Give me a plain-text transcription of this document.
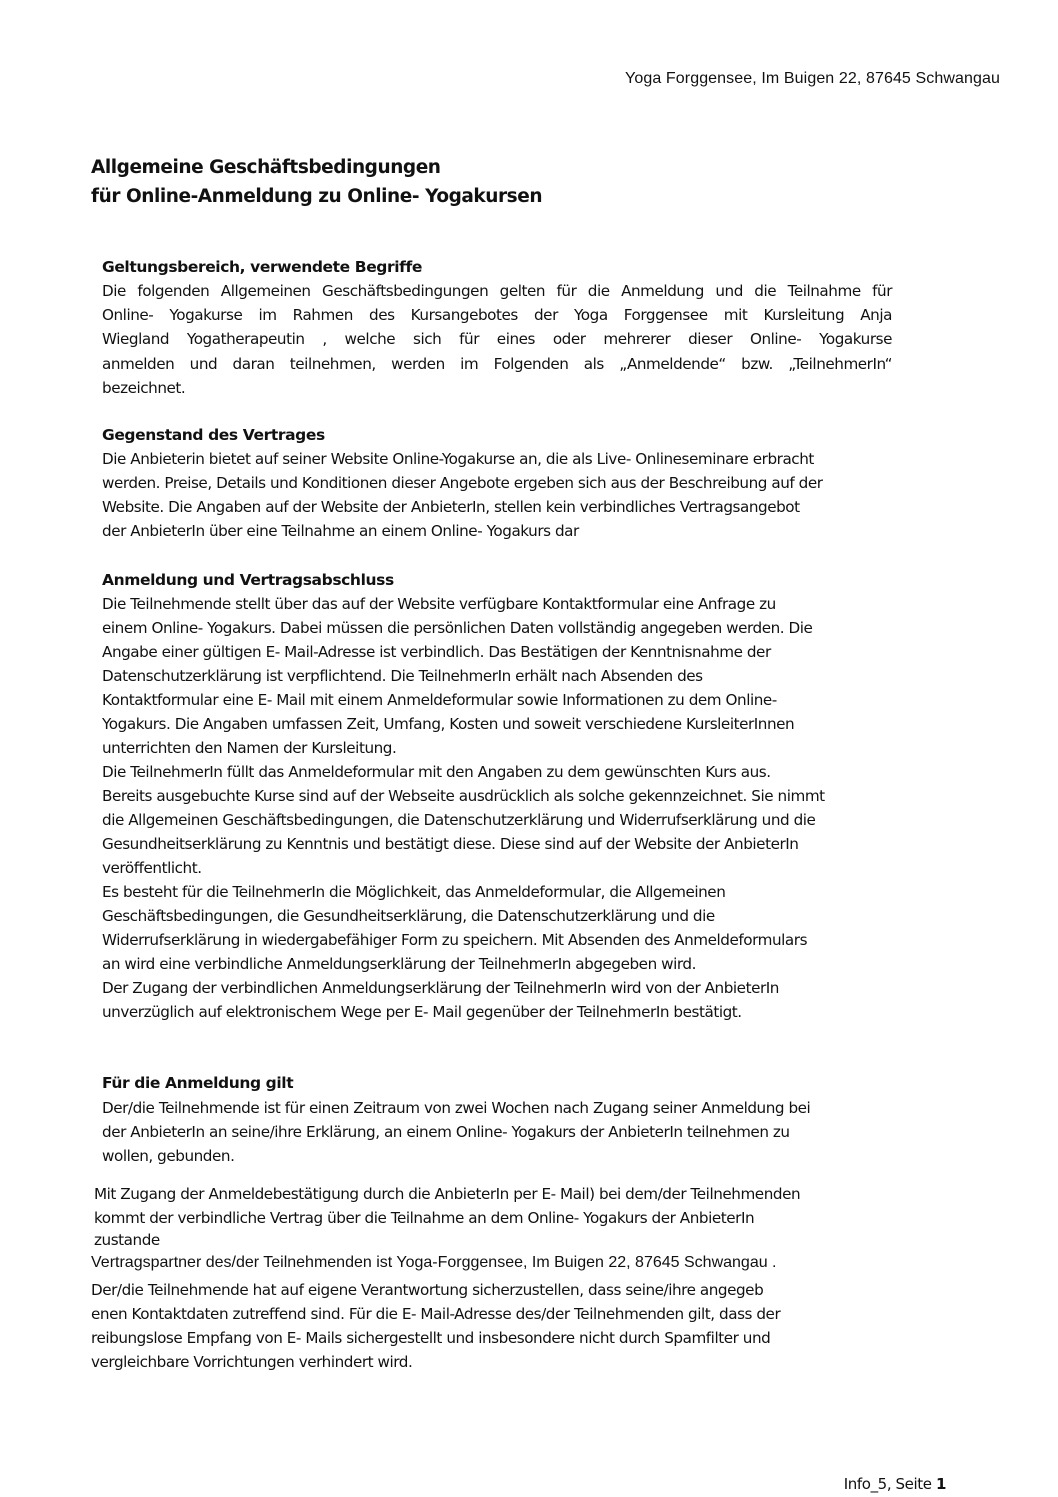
Yoga Forggensee, Im Buigen 22, 87645 Schwangau
Allgemeine Geschäftsbedingungen
für Online-Anmeldung zu Online- Yogakursen
Geltungsbereich, verwendete Begriffe
Die folgenden Allgemeinen Geschäftsbedingungen gelten für die Anmeldung und die Teilnahme für
Online- Yogakurse im Rahmen des Kursangebotes der Yoga Forggensee mit Kursleitung Anja
Wiegland Yogatherapeutin , welche sich für eines oder mehrerer dieser Online- Yogakurse
anmelden und daran teilnehmen, werden im Folgenden als „Anmeldende“ bzw. „TeilnehmerIn“
bezeichnet.
Gegenstand des Vertrages
Die Anbieterin bietet auf seiner Website Online-Yogakurse an, die als Live- Onlineseminare erbracht
werden. Preise, Details und Konditionen dieser Angebote ergeben sich aus der Beschreibung auf der
Website. Die Angaben auf der Website der AnbieterIn, stellen kein verbindliches Vertragsangebot
der AnbieterIn über eine Teilnahme an einem Online- Yogakurs dar
Anmeldung und Vertragsabschluss
Die Teilnehmende stellt über das auf der Website verfügbare Kontaktformular eine Anfrage zu
einem Online- Yogakurs. Dabei müssen die persönlichen Daten vollständig angegeben werden. Die
Angabe einer gültigen E- Mail-Adresse ist verbindlich. Das Bestätigen der Kenntnisnahme der
Datenschutzerklärung ist verpflichtend. Die TeilnehmerIn erhält nach Absenden des
Kontaktformular eine E- Mail mit einem Anmeldeformular sowie Informationen zu dem Online-
Yogakurs. Die Angaben umfassen Zeit, Umfang, Kosten und soweit verschiedene KursleiterInnen
unterrichten den Namen der Kursleitung.
Die TeilnehmerIn füllt das Anmeldeformular mit den Angaben zu dem gewünschten Kurs aus.
Bereits ausgebuchte Kurse sind auf der Webseite ausdrücklich als solche gekennzeichnet. Sie nimmt
die Allgemeinen Geschäftsbedingungen, die Datenschutzerklärung und Widerrufserklärung und die
Gesundheitserklärung zu Kenntnis und bestätigt diese. Diese sind auf der Website der AnbieterIn
veröffentlicht.
Es besteht für die TeilnehmerIn die Möglichkeit, das Anmeldeformular, die Allgemeinen
Geschäftsbedingungen, die Gesundheitserklärung, die Datenschutzerklärung und die
Widerrufserklärung in wiedergabefähiger Form zu speichern. Mit Absenden des Anmeldeformulars
an wird eine verbindliche Anmeldungserklärung der TeilnehmerIn abgegeben wird.
Der Zugang der verbindlichen Anmeldungserklärung der TeilnehmerIn wird von der AnbieterIn
unverzüglich auf elektronischem Wege per E- Mail gegenüber der TeilnehmerIn bestätigt.
Für die Anmeldung gilt
Der/die Teilnehmende ist für einen Zeitraum von zwei Wochen nach Zugang seiner Anmeldung bei
der AnbieterIn an seine/ihre Erklärung, an einem Online- Yogakurs der AnbieterIn teilnehmen zu
wollen, gebunden.
Mit Zugang der Anmeldebestätigung durch die AnbieterIn per E- Mail) bei dem/der Teilnehmenden
kommt der verbindliche Vertrag über die Teilnahme an dem Online- Yogakurs der AnbieterIn
zustande
Vertragspartner des/der Teilnehmenden ist Yoga-Forggensee, Im Buigen 22, 87645 Schwangau .
Der/die Teilnehmende hat auf eigene Verantwortung sicherzustellen, dass seine/ihre angegeb
enen Kontaktdaten zutreffend sind. Für die E- Mail-Adresse des/der Teilnehmenden gilt, dass der
reibungslose Empfang von E- Mails sichergestellt und insbesondere nicht durch Spamfilter und
vergleichbare Vorrichtungen verhindert wird.
Info_5, Seite 1
